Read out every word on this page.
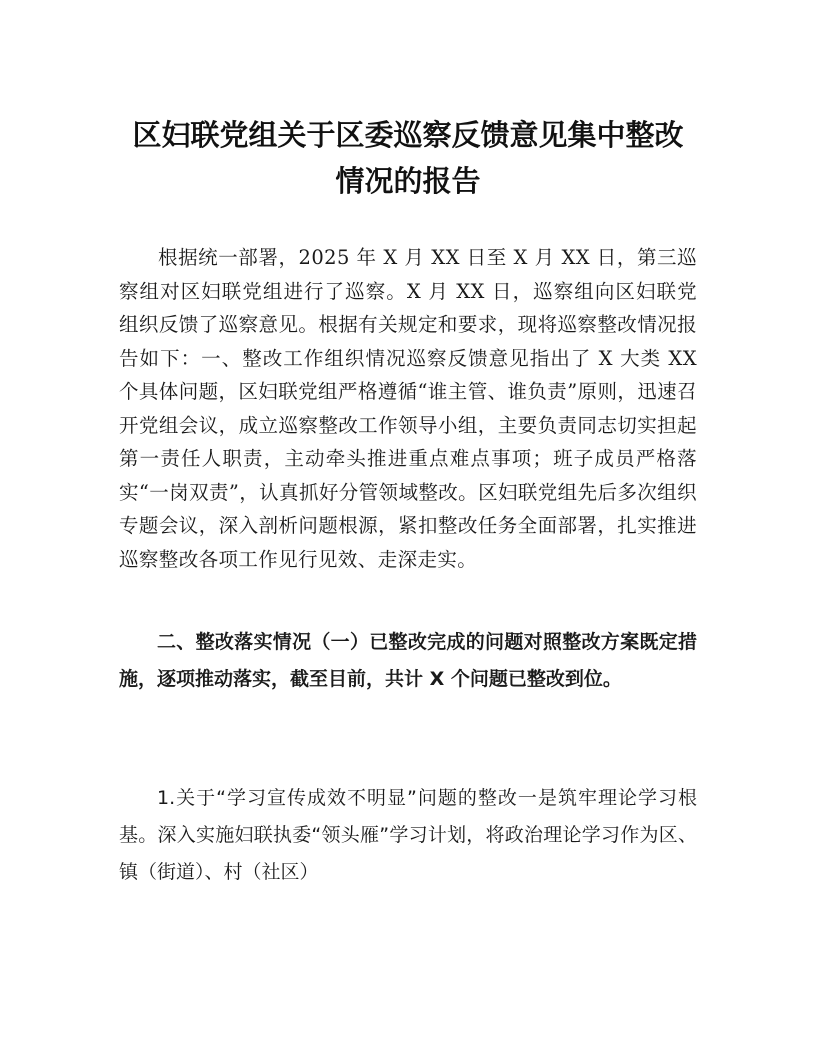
区妇联党组关于区委巡察反馈意见集中整改
情况的报告

根据统一部署，2025 年 X 月 XX 日至 X 月 XX 日，第三巡察组对区妇联党组进行了巡察。X 月 XX 日，巡察组向区妇联党组织反馈了巡察意见。根据有关规定和要求，现将巡察整改情况报告如下：一、整改工作组织情况巡察反馈意见指出了 X 大类 XX 个具体问题，区妇联党组严格遵循“谁主管、谁负责”原则，迅速召开党组会议，成立巡察整改工作领导小组，主要负责同志切实担起第一责任人职责，主动牵头推进重点难点事项；班子成员严格落实“一岗双责”，认真抓好分管领域整改。区妇联党组先后多次组织专题会议，深入剖析问题根源，紧扣整改任务全面部署，扎实推进巡察整改各项工作见行见效、走深走实。

二、整改落实情况（一）已整改完成的问题对照整改方案既定措施，逐项推动落实，截至目前，共计 X 个问题已整改到位。

1.关于“学习宣传成效不明显”问题的整改一是筑牢理论学习根基。深入实施妇联执委“领头雁”学习计划，将政治理论学习作为区、镇（街道）、村（社区）
